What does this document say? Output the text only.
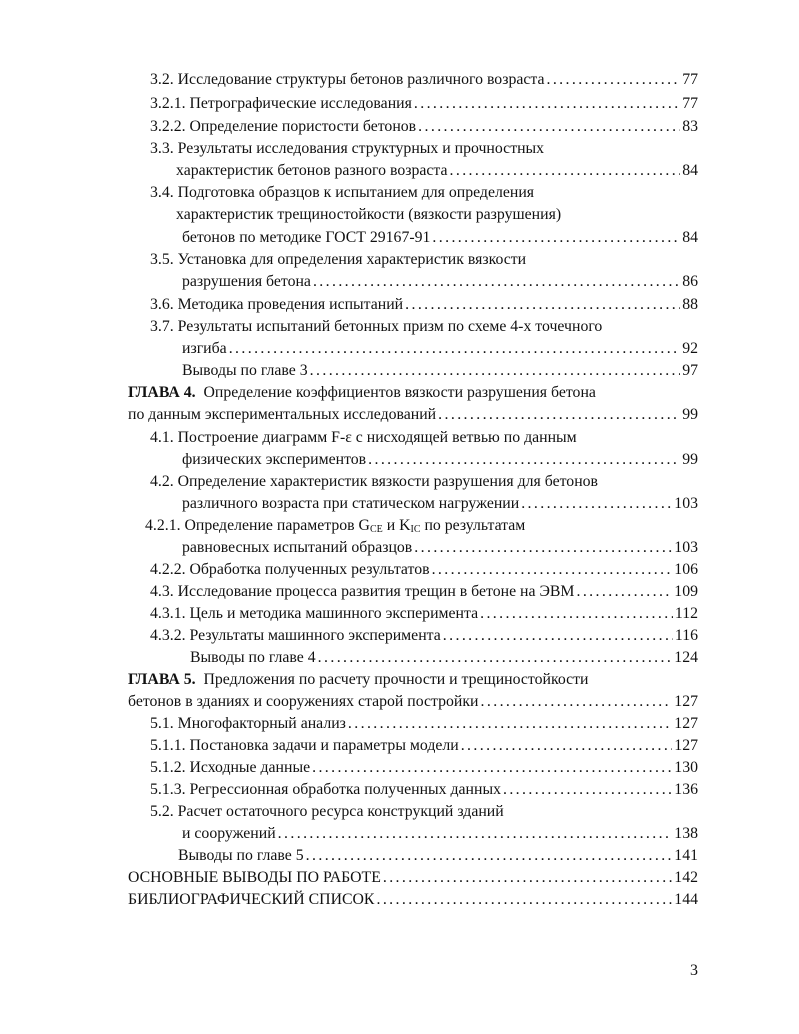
3.2. Исследование структуры бетонов различного возраста .....	77
3.2.1. Петрографические исследования .....	77
3.2.2. Определение пористости бетонов .....	83
3.3. Результаты исследования структурных и прочностных
характеристик бетонов разного возраста .....	84
3.4. Подготовка образцов к испытанием для определения
характеристик трещиностойкости (вязкости разрушения)
бетонов по методике ГОСТ 29167-91 .....	84
3.5. Установка для определения характеристик вязкости
разрушения бетона .....	86
3.6. Методика проведения испытаний .....	88
3.7. Результаты испытаний бетонных призм по схеме 4-х точечного
изгиба .....	92
Выводы по главе 3 .....	97
ГЛАВА 4. Определение коэффициентов вязкости разрушения бетона
по данным экспериментальных исследований .....	99
4.1. Построение диаграмм F-ε с нисходящей ветвью по данным
физических экспериментов .....	99
4.2. Определение характеристик вязкости разрушения для бетонов
различного возраста при статическом нагружении .....	103
4.2.1. Определение параметров $G_{CE}$ и $K_{IC}$ по результатам
равновесных испытаний образцов .....	103
4.2.2. Обработка полученных результатов .....	106
4.3. Исследование процесса развития трещин в бетоне на ЭВМ .....	109
4.3.1. Цель и методика машинного эксперимента .....	112
4.3.2. Результаты машинного эксперимента .....	116
Выводы по главе 4 .....	124
ГЛАВА 5. Предложения по расчету прочности и трещиностойкости
бетонов в зданиях и сооружениях старой постройки .....	127
5.1. Многофакторный анализ .....	127
5.1.1. Постановка задачи и параметры модели .....	127
5.1.2. Исходные данные .....	130
5.1.3. Регрессионная обработка полученных данных .....	136
5.2. Расчет остаточного ресурса конструкций зданий
и сооружений .....	138
Выводы по главе 5 .....	141
ОСНОВНЫЕ ВЫВОДЫ ПО РАБОТЕ .....	142
БИБЛИОГРАФИЧЕСКИЙ СПИСОК .....	144
3
